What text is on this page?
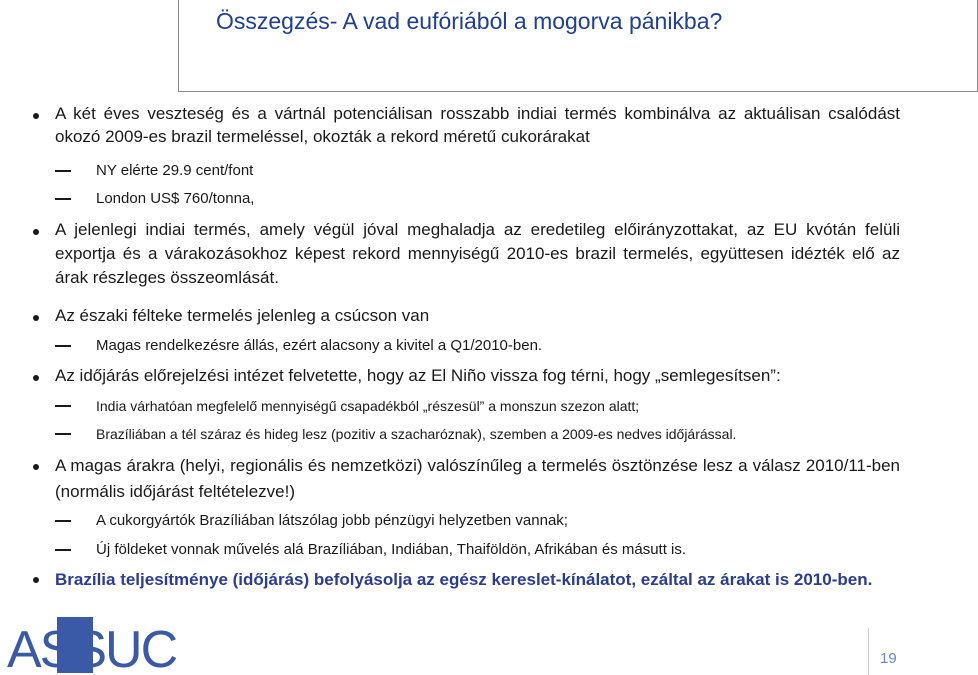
Összegzés- A vad eufóriából a mogorva pánikba?
A két éves veszteség és a vártnál potenciálisan rosszabb indiai termés kombinálva az aktuálisan csalódást okozó 2009-es brazil termeléssel, okozták a rekord méretű cukorárakat
NY elérte 29.9 cent/font
London US$ 760/tonna,
A jelenlegi indiai termés, amely végül jóval meghaladja az eredetileg előirányzottakat, az EU kvótán felüli exportja és a várakozásokhoz képest rekord mennyiségű 2010-es brazil termelés, együttesen idézték elő az árak részleges összeomlását.
Az északi félteke termelés jelenleg a csúcson van
Magas rendelkezésre állás, ezért alacsony a kivitel a Q1/2010-ben.
Az időjárás előrejelzési intézet felvetette, hogy az El Niño vissza fog térni, hogy „semlegesítsen”:
India várhatóan megfelelő mennyiségű csapadékból „részesül” a monszun szezon alatt;
Brazíliában a tél száraz és hideg lesz (pozitiv a szacharóznak), szemben a 2009-es nedves időjárással.
A magas árakra (helyi, regionális és nemzetközi) valószínűleg a termelés ösztönzése lesz a válasz 2010/11-ben (normális időjárást feltételezve!)
A cukorgyártók Brazíliában látszólag jobb pénzügyi helyzetben vannak;
Új földeket vonnak művelés alá Brazíliában, Indiában, Thaiföldön, Afrikában és másutt is.
Brazília teljesítménye (időjárás) befolyásolja az egész kereslet-kínálatot, ezáltal az árakat is 2010-ben.
ASSUC	19
